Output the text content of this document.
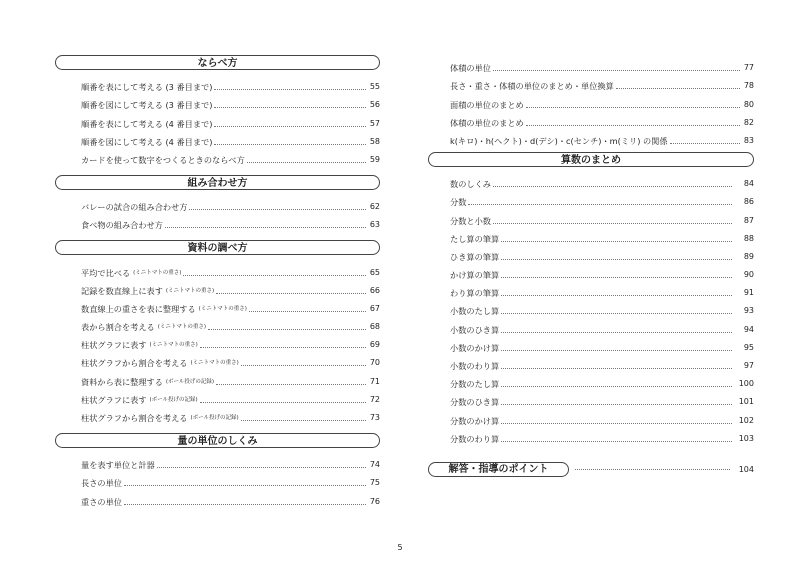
ならべ方
順番を表にして考える (3 番目まで)	55
順番を図にして考える (3 番目まで)	56
順番を表にして考える (4 番目まで)	57
順番を図にして考える (4 番目まで)	58
カードを使って数字をつくるときのならべ方	59
組み合わせ方
バレーの試合の組み合わせ方	62
食べ物の組み合わせ方	63
資料の調べ方
平均で比べる (ミニトマトの重さ)	65
記録を数直線上に表す (ミニトマトの重さ)	66
数直線上の重さを表に整理する (ミニトマトの重さ)	67
表から割合を考える (ミニトマトの重さ)	68
柱状グラフに表す (ミニトマトの重さ)	69
柱状グラフから割合を考える (ミニトマトの重さ)	70
資料から表に整理する (ボール投げの記録)	71
柱状グラフに表す (ボール投げの記録)	72
柱状グラフから割合を考える (ボール投げの記録)	73
量の単位のしくみ
量を表す単位と計器	74
長さの単位	75
重さの単位	76
体積の単位	77
長さ・重さ・体積の単位のまとめ・単位換算	78
面積の単位のまとめ	80
体積の単位のまとめ	82
k(キロ)・h(ヘクト)・d(デシ)・c(センチ)・m(ミリ) の関係	83
算数のまとめ
数のしくみ	84
分数	86
分数と小数	87
たし算の筆算	88
ひき算の筆算	89
かけ算の筆算	90
わり算の筆算	91
小数のたし算	93
小数のひき算	94
小数のかけ算	95
小数のわり算	97
分数のたし算	100
分数のひき算	101
分数のかけ算	102
分数のわり算	103
解答・指導のポイント	104
5
